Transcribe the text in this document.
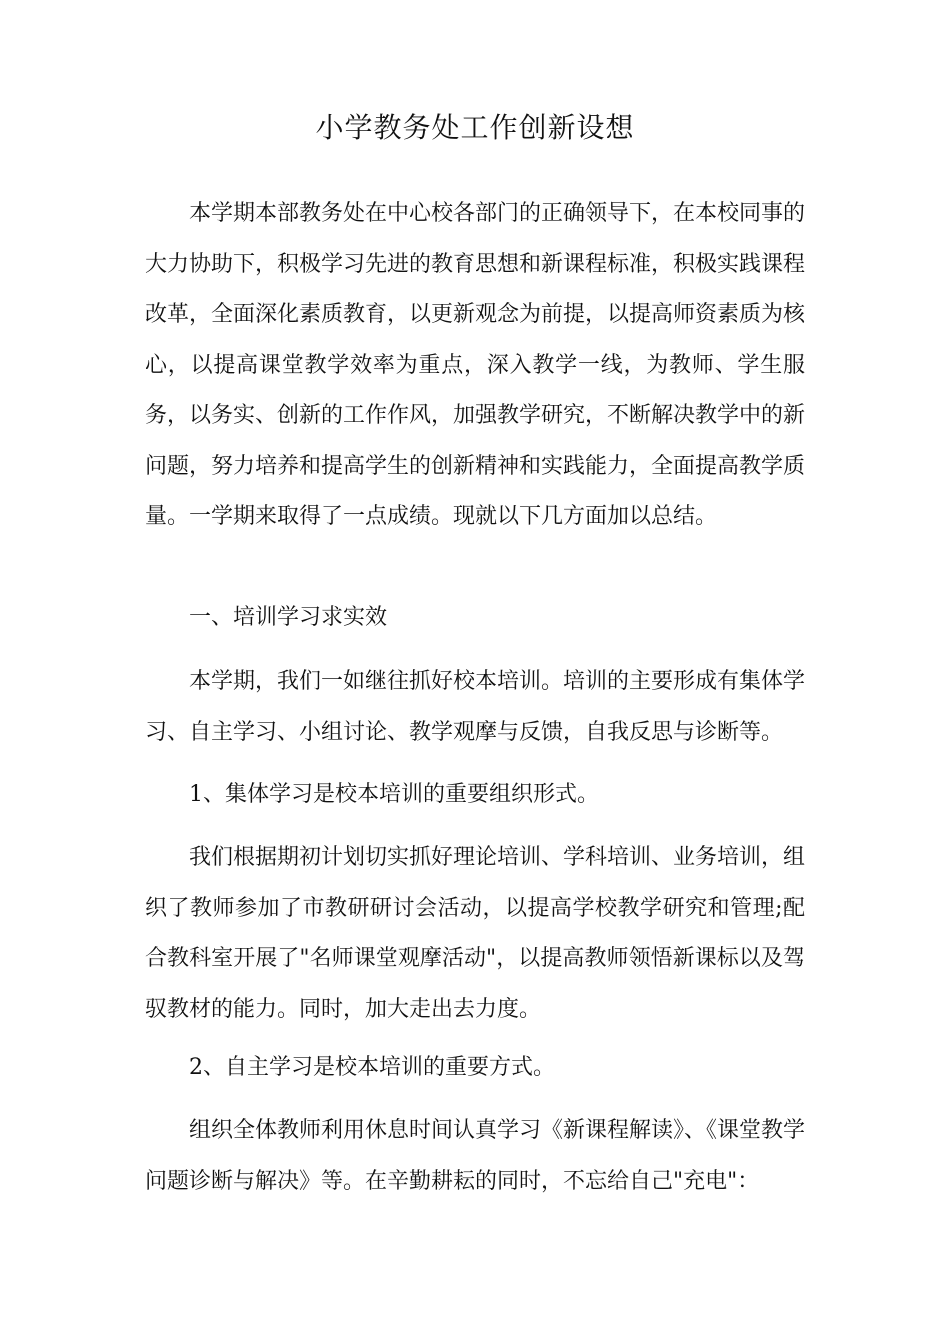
小学教务处工作创新设想

本学期本部教务处在中心校各部门的正确领导下，在本校同事的大力协助下，积极学习先进的教育思想和新课程标准，积极实践课程改革，全面深化素质教育，以更新观念为前提，以提高师资素质为核心，以提高课堂教学效率为重点，深入教学一线，为教师、学生服务，以务实、创新的工作作风，加强教学研究，不断解决教学中的新问题，努力培养和提高学生的创新精神和实践能力，全面提高教学质量。一学期来取得了一点成绩。现就以下几方面加以总结。

一、培训学习求实效

本学期，我们一如继往抓好校本培训。培训的主要形成有集体学习、自主学习、小组讨论、教学观摩与反馈，自我反思与诊断等。

1、集体学习是校本培训的重要组织形式。

我们根据期初计划切实抓好理论培训、学科培训、业务培训，组织了教师参加了市教研研讨会活动，以提高学校教学研究和管理;配合教科室开展了"名师课堂观摩活动"，以提高教师领悟新课标以及驾驭教材的能力。同时，加大走出去力度。

2、自主学习是校本培训的重要方式。

组织全体教师利用休息时间认真学习《新课程解读》、《课堂教学问题诊断与解决》等。在辛勤耕耘的同时，不忘给自己"充电"：
